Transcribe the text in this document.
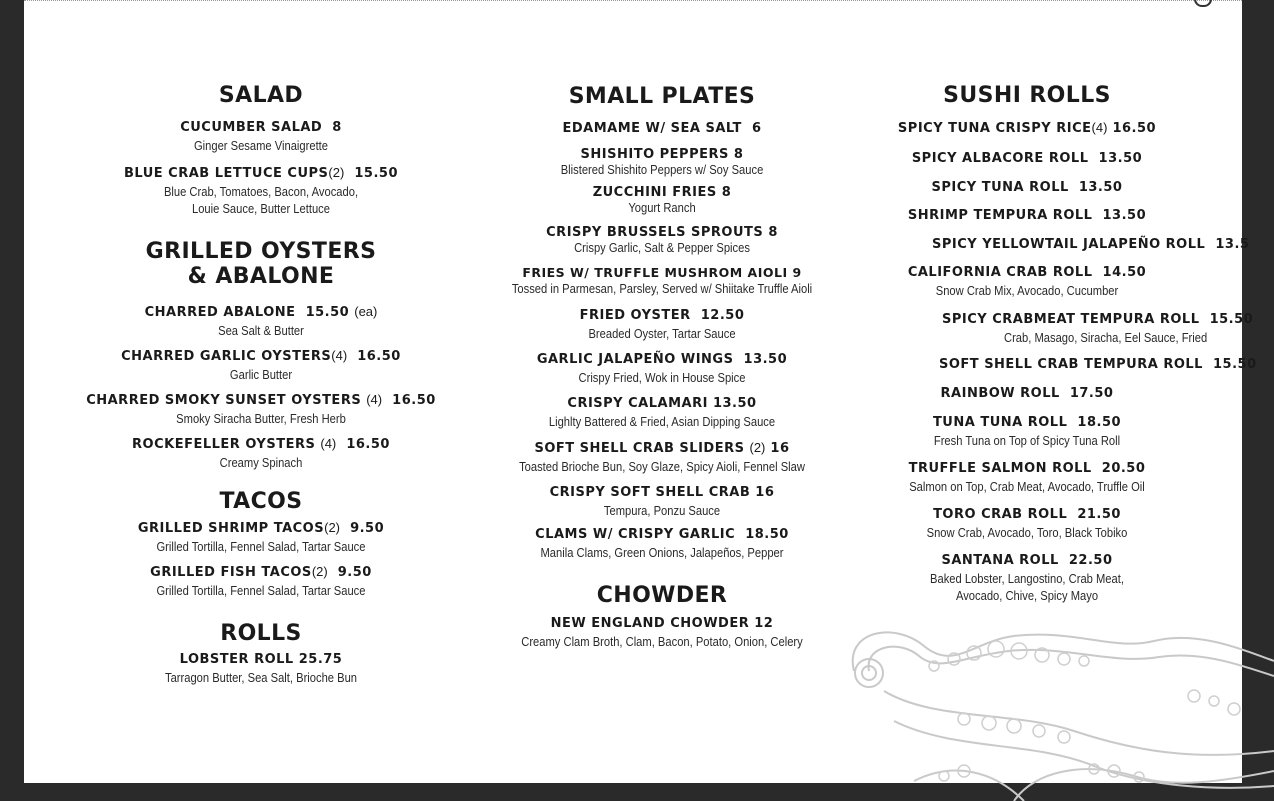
SALAD
CUCUMBER SALAD 8
Ginger Sesame Vinaigrette
BLUE CRAB LETTUCE CUPS(2) 15.50
Blue Crab, Tomatoes, Bacon, Avocado,
Louie Sauce, Butter Lettuce
GRILLED OYSTERS
& ABALONE
CHARRED ABALONE 15.50 (ea)
Sea Salt & Butter
CHARRED GARLIC OYSTERS(4) 16.50
Garlic Butter
CHARRED SMOKY SUNSET OYSTERS (4) 16.50
Smoky Siracha Butter, Fresh Herb
ROCKEFELLER OYSTERS (4) 16.50
Creamy Spinach
TACOS
GRILLED SHRIMP TACOS(2) 9.50
Grilled Tortilla, Fennel Salad, Tartar Sauce
GRILLED FISH TACOS(2) 9.50
Grilled Tortilla, Fennel Salad, Tartar Sauce
ROLLS
LOBSTER ROLL 25.75
Tarragon Butter, Sea Salt, Brioche Bun
SMALL PLATES
EDAMAME W/ SEA SALT 6
SHISHITO PEPPERS 8
Blistered Shishito Peppers w/ Soy Sauce
ZUCCHINI FRIES 8
Yogurt Ranch
CRISPY BRUSSELS SPROUTS 8
Crispy Garlic, Salt & Pepper Spices
FRIES W/ TRUFFLE MUSHROM AIOLI 9
Tossed in Parmesan, Parsley, Served w/ Shiitake Truffle Aioli
FRIED OYSTER 12.50
Breaded Oyster, Tartar Sauce
GARLIC JALAPEÑO WINGS 13.50
Crispy Fried, Wok in House Spice
CRISPY CALAMARI 13.50
Lighlty Battered & Fried, Asian Dipping Sauce
SOFT SHELL CRAB SLIDERS (2) 16
Toasted Brioche Bun, Soy Glaze, Spicy Aioli, Fennel Slaw
CRISPY SOFT SHELL CRAB 16
Tempura, Ponzu Sauce
CLAMS W/ CRISPY GARLIC 18.50
Manila Clams, Green Onions, Jalapeños, Pepper
CHOWDER
NEW ENGLAND CHOWDER 12
Creamy Clam Broth, Clam, Bacon, Potato, Onion, Celery
SUSHI ROLLS
SPICY TUNA CRISPY RICE(4) 16.50
SPICY ALBACORE ROLL 13.50
SPICY TUNA ROLL 13.50
SHRIMP TEMPURA ROLL 13.50
SPICY YELLOWTAIL JALAPEÑO ROLL 13.5
CALIFORNIA CRAB ROLL 14.50
Snow Crab Mix, Avocado, Cucumber
SPICY CRABMEAT TEMPURA ROLL 15.50
Crab, Masago, Siracha, Eel Sauce, Fried
SOFT SHELL CRAB TEMPURA ROLL 15.50
RAINBOW ROLL 17.50
TUNA TUNA ROLL 18.50
Fresh Tuna on Top of Spicy Tuna Roll
TRUFFLE SALMON ROLL 20.50
Salmon on Top, Crab Meat, Avocado, Truffle Oil
TORO CRAB ROLL 21.50
Snow Crab, Avocado, Toro, Black Tobiko
SANTANA ROLL 22.50
Baked Lobster, Langostino, Crab Meat,
Avocado, Chive, Spicy Mayo
